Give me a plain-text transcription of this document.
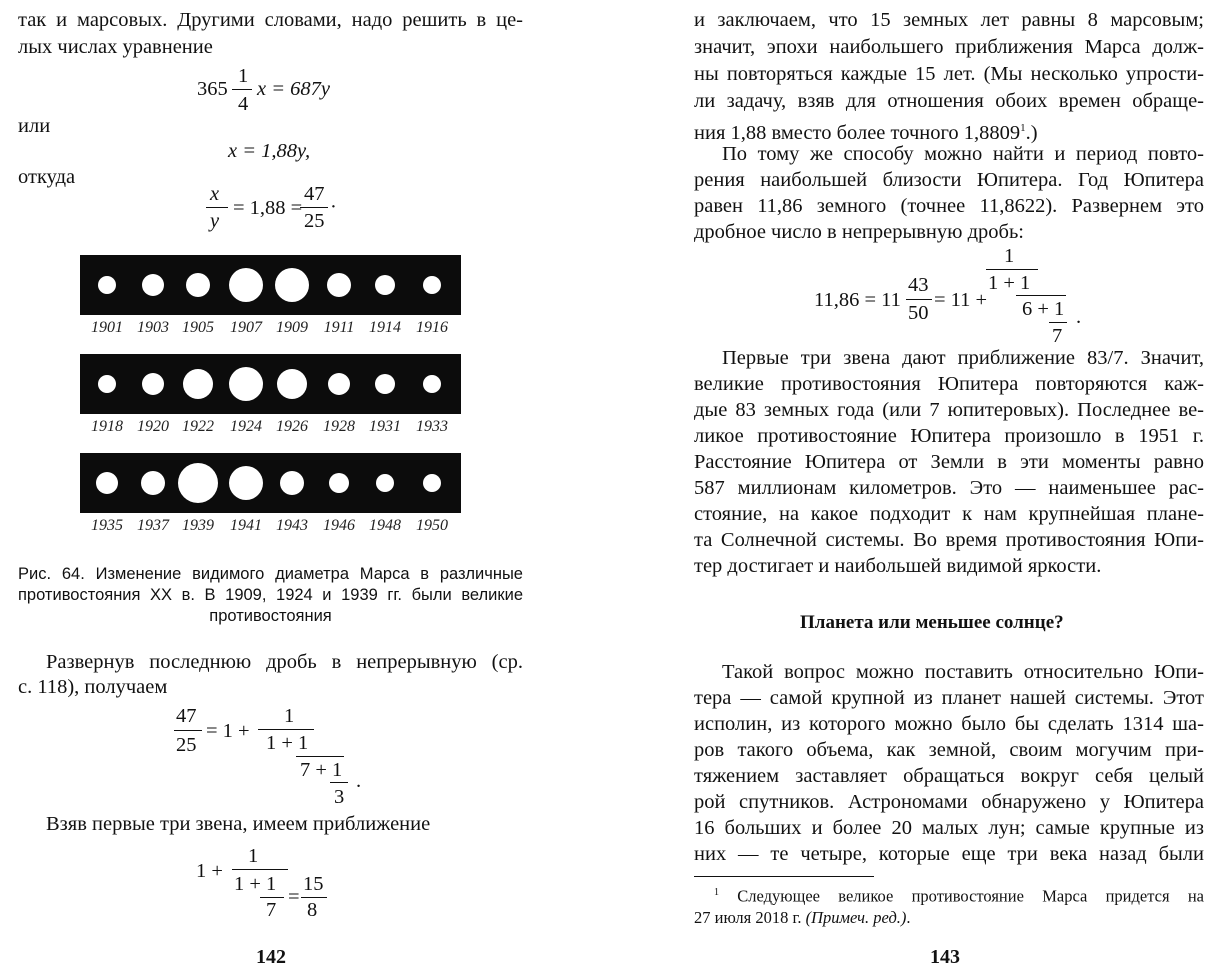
так и марсовых. Другими словами, надо решить в це-
лых числах уравнение
365
1
4
x = 687y
или
x = 1,88y,
откуда
x
y
= 1,88 =
47
25
·
1901 1903 1905 1907 1909 1911 1914 1916
1918 1920 1922 1924 1926 1928 1931 1933
1935 1937 1939 1941 1943 1946 1948 1950
Рис. 64. Изменение видимого диаметра Марса в различные противостояния XX в. В 1909, 1924 и 1939 гг. были великие противостояния
Развернув последнюю дробь в непрерывную (ср.
с. 118), получаем
47
25
= 1 +
1
1 + 1
7 + 1
3
.
Взяв первые три звена, имеем приближение
1 +
1
1 + 1
7
=
15
8
142
и заключаем, что 15 земных лет равны 8 марсовым;
значит, эпохи наибольшего приближения Марса долж-
ны повторяться каждые 15 лет. (Мы несколько упрости-
ли задачу, взяв для отношения обоих времен обраще-
ния 1,88 вместо более точного 1,8809$^1$.)
По тому же способу можно найти и период повто-
рения наибольшей близости Юпитера. Год Юпитера
равен 11,86 земного (точнее 11,8622). Развернем это
дробное число в непрерывную дробь:
11,86 = 11
43
50
= 11 +
1
1 + 1
6 + 1
7
.
Первые три звена дают приближение 83/7. Значит,
великие противостояния Юпитера повторяются каж-
дые 83 земных года (или 7 юпитеровых). Последнее ве-
ликое противостояние Юпитера произошло в 1951 г.
Расстояние Юпитера от Земли в эти моменты равно
587 миллионам километров. Это — наименьшее рас-
стояние, на какое подходит к нам крупнейшая плане-
та Солнечной системы. Во время противостояния Юпи-
тер достигает и наибольшей видимой яркости.
Планета или меньшее солнце?
Такой вопрос можно поставить относительно Юпи-
тера — самой крупной из планет нашей системы. Этот
исполин, из которого можно было бы сделать 1314 ша-
ров такого объема, как земной, своим могучим при-
тяжением заставляет обращаться вокруг себя целый
рой спутников. Астрономами обнаружено у Юпитера
16 больших и более 20 малых лун; самые крупные из
них — те четыре, которые еще три века назад были
$^1$ Следующее великое противостояние Марса придется на
27 июля 2018 г. (Примеч. ред.).
143
